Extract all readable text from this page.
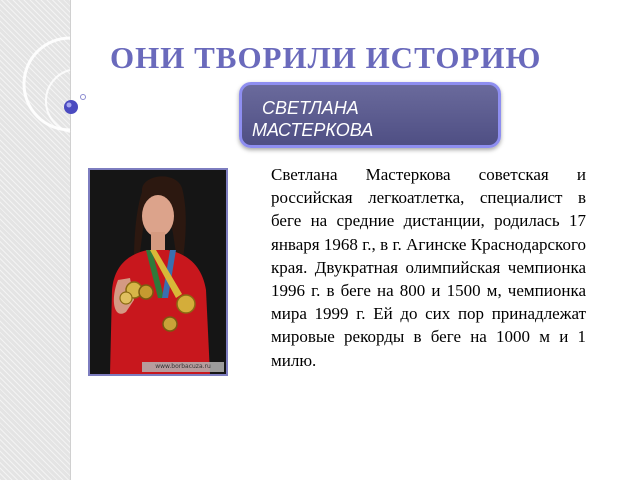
ОНИ ТВОРИЛИ ИСТОРИЮ
СВЕТЛАНА
МАСТЕРКОВА
www.borbacuza.ru
Светлана Мастеркова советская и российская легкоатлетка, специалист в беге на средние дистанции, родилась 17 января 1968 г., в г. Агинске Краснодарского края. Двукратная олимпийская чемпионка 1996 г. в беге на 800 и 1500 м, чемпионка мира 1999 г. Ей до сих пор принадлежат мировые рекорды в беге на 1000 м и 1 милю.
